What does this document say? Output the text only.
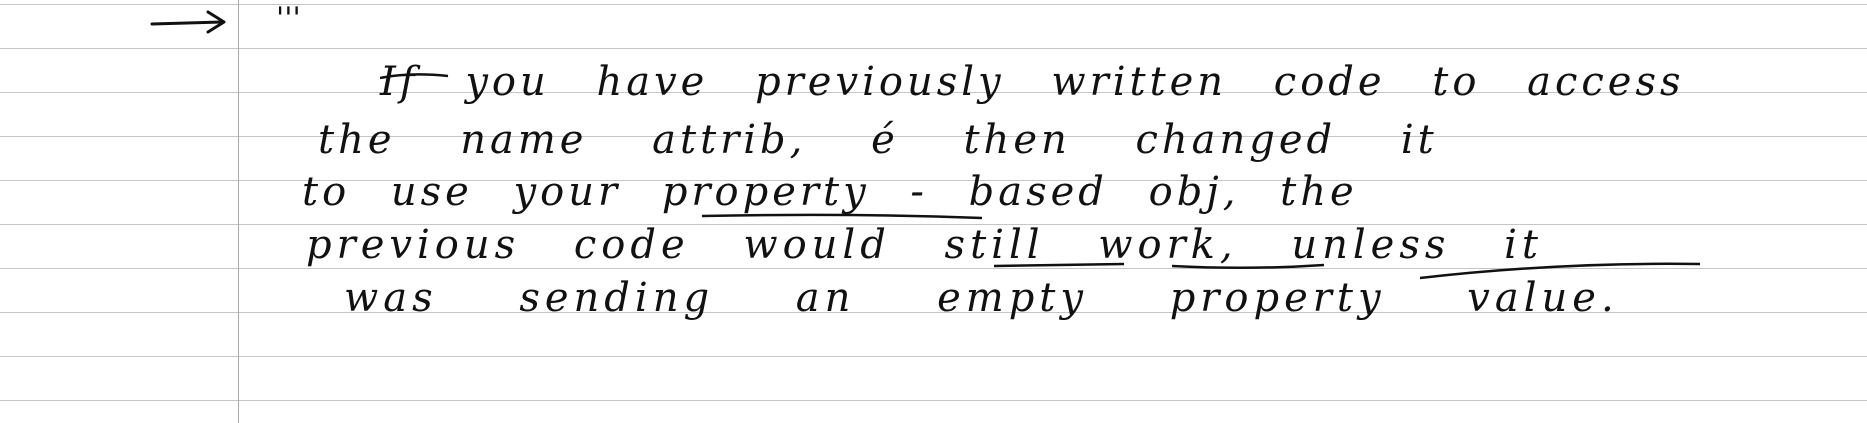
'''
If you have previously written code to access
the name attrib, é then changed it
to use your property - based obj, the
previous code would still work, unless it
was sending an empty property value.
